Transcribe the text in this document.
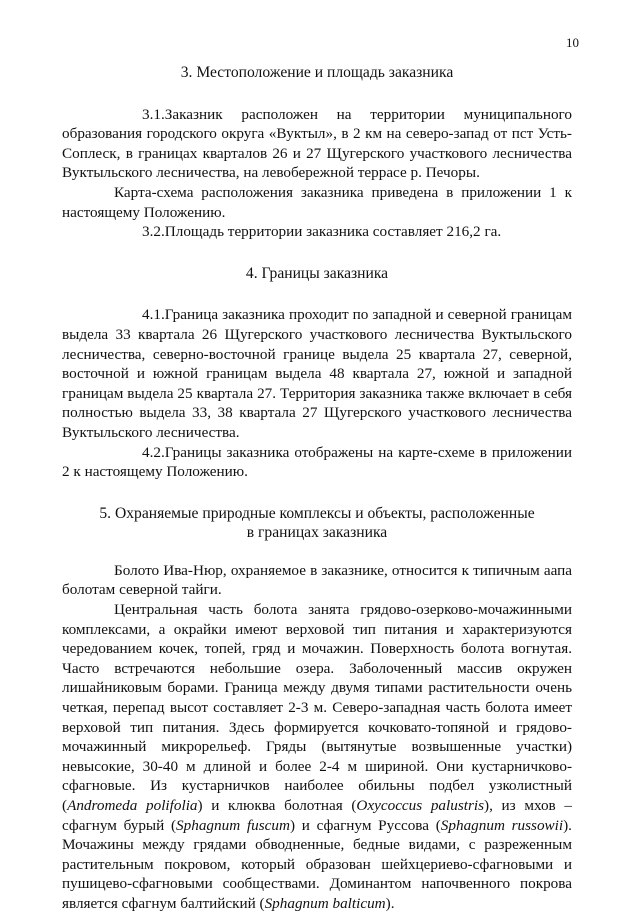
10
3. Местоположение и площадь заказника

3.1.Заказник расположен на территории муниципального образования городского округа «Вуктыл», в 2 км на северо-запад от пст Усть-Соплеск, в границах кварталов 26 и 27 Щугерского участкового лесничества Вуктыльского лесничества, на левобережной террасе р. Печоры.

Карта-схема расположения заказника приведена в приложении 1 к настоящему Положению.

3.2.Площадь территории заказника составляет 216,2 га.

4. Границы заказника

4.1.Граница заказника проходит по западной и северной границам выдела 33 квартала 26 Щугерского участкового лесничества Вуктыльского лесничества, северно-восточной границе выдела 25 квартала 27, северной, восточной и южной границам выдела 48 квартала 27, южной и западной границам выдела 25 квартала 27. Территория заказника также включает в себя полностью выдела 33, 38 квартала 27 Щугерского участкового лесничества Вуктыльского лесничества.

4.2.Границы заказника отображены на карте-схеме в приложении 2 к настоящему Положению.

5. Охраняемые природные комплексы и объекты, расположенные
в границах заказника

Болото Ива-Нюр, охраняемое в заказнике, относится к типичным аапа болотам северной тайги.

Центральная часть болота занята грядово-озерково-мочажинными комплексами, а окрайки имеют верховой тип питания и характеризуются чередованием кочек, топей, гряд и мочажин. Поверхность болота вогнутая. Часто встречаются небольшие озера. Заболоченный массив окружен лишайниковым борами. Граница между двумя типами растительности очень четкая, перепад высот составляет 2-3 м. Северо-западная часть болота имеет верховой тип питания. Здесь формируется кочковато-топяной и грядово-мочажинный микрорельеф. Гряды (вытянутые возвышенные участки) невысокие, 30-40 м длиной и более 2-4 м шириной. Они кустарничково-сфагновые. Из кустарничков наиболее обильны подбел узколистный (Andromeda polifolia) и клюква болотная (Oxycoccus palustris), из мхов – сфагнум бурый (Sphagnum fuscum) и сфагнум Руссова (Sphagnum russowii). Мочажины между грядами обводненные, бедные видами, с разреженным растительным покровом, который образован шейхцериево-сфагновыми и пушицево-сфагновыми сообществами. Доминантом напочвенного покрова является сфагнум балтийский (Sphagnum balticum).
